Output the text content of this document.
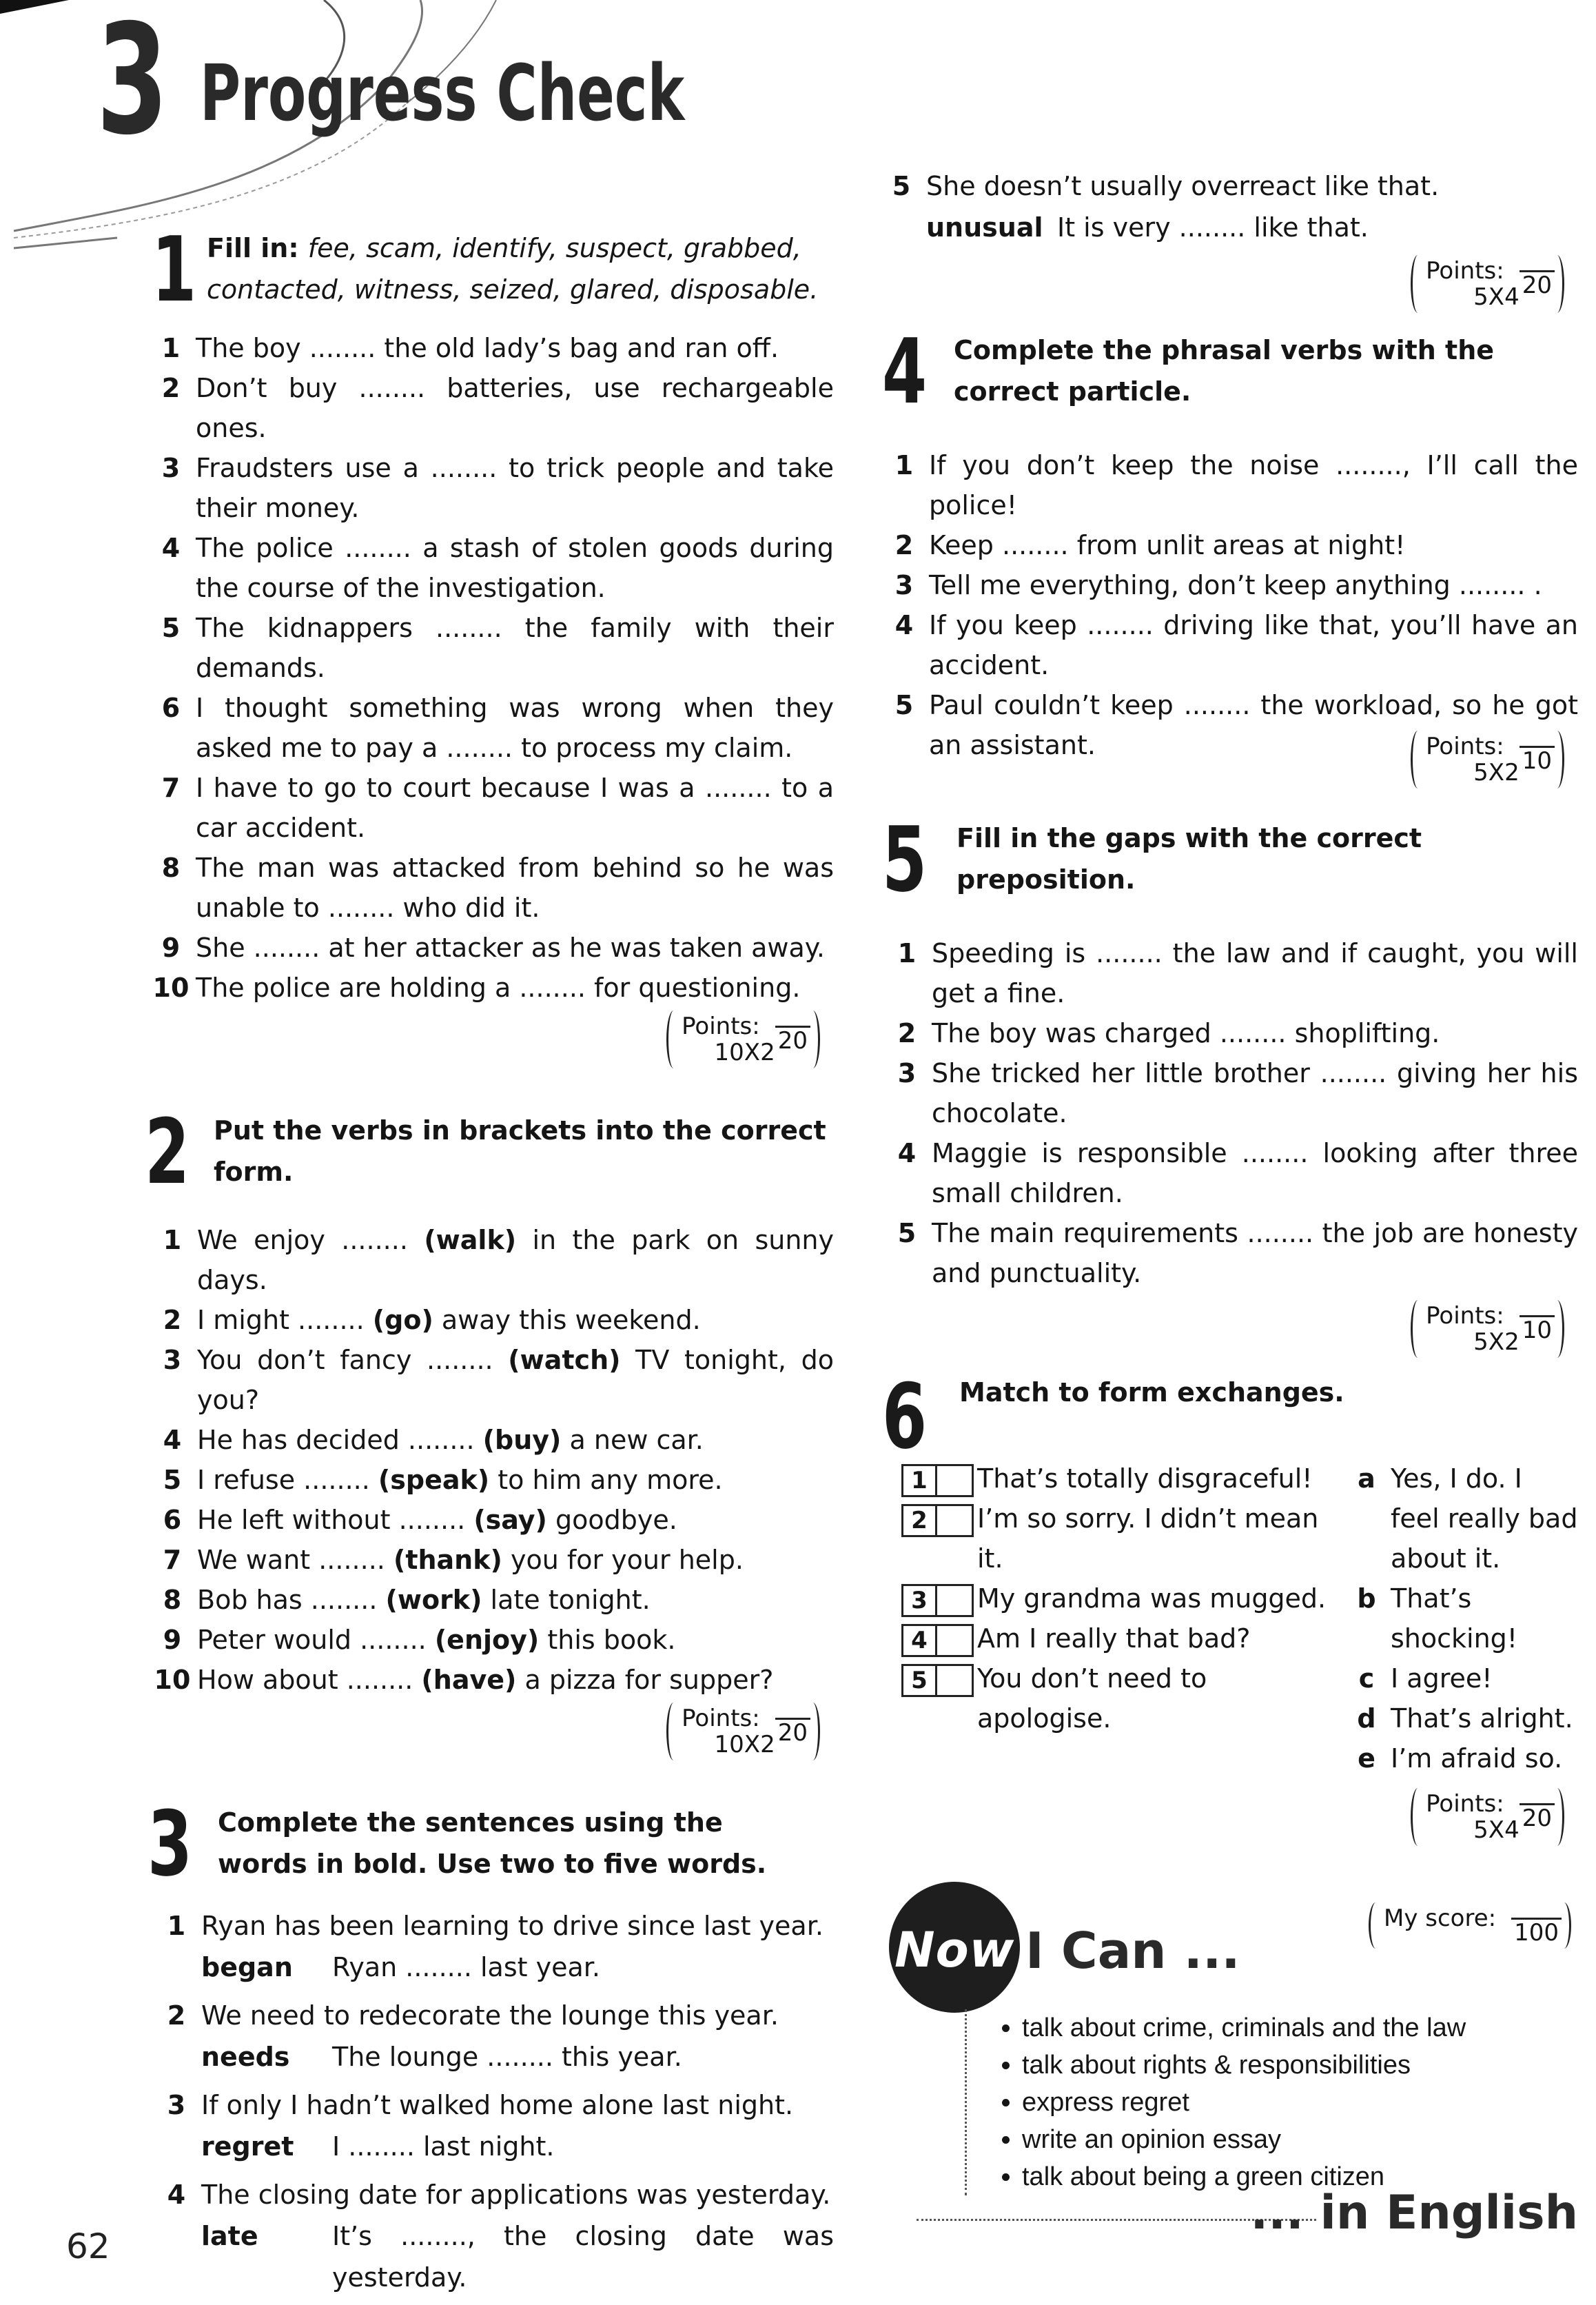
3 Progress Check
1 Fill in: fee, scam, identify, suspect, grabbed, contacted, witness, seized, glared, disposable.
1 The boy ........ the old lady’s bag and ran off.
2 Don’t buy ........ batteries, use rechargeable ones.
3 Fraudsters use a ........ to trick people and take their money.
4 The police ........ a stash of stolen goods during the course of the investigation.
5 The kidnappers ........ the family with their demands.
6 I thought something was wrong when they asked me to pay a ........ to process my claim.
7 I have to go to court because I was a ........ to a car accident.
8 The man was attacked from behind so he was unable to ........ who did it.
9 She ........ at her attacker as he was taken away.
10 The police are holding a ........ for questioning.
Points:
10X2 20
2 Put the verbs in brackets into the correct form.
1 We enjoy ........ (walk) in the park on sunny days.
2 I might ........ (go) away this weekend.
3 You don’t fancy ........ (watch) TV tonight, do you?
4 He has decided ........ (buy) a new car.
5 I refuse ........ (speak) to him any more.
6 He left without ........ (say) goodbye.
7 We want ........ (thank) you for your help.
8 Bob has ........ (work) late tonight.
9 Peter would ........ (enjoy) this book.
10 How about ........ (have) a pizza for supper?
Points:
10X2 20
3 Complete the sentences using the words in bold. Use two to five words.
1 Ryan has been learning to drive since last year.
began	Ryan ........ last year.
2 We need to redecorate the lounge this year.
needs	The lounge ........ this year.
3 If only I hadn’t walked home alone last night.
regret	I ........ last night.
4 The closing date for applications was yesterday.
late	It’s ........, the closing date was yesterday.
5 She doesn’t usually overreact like that.
unusual It is very ........ like that.
Points:
5X4 20
4 Complete the phrasal verbs with the correct particle.
1 If you don’t keep the noise ........, I’ll call the police!
2 Keep ........ from unlit areas at night!
3 Tell me everything, don’t keep anything ........ .
4 If you keep ........ driving like that, you’ll have an accident.
5 Paul couldn’t keep ........ the workload, so he got an assistant.	Points:
5X2 10
5 Fill in the gaps with the correct preposition.
1 Speeding is ........ the law and if caught, you will get a fine.
2 The boy was charged ........ shoplifting.
3 She tricked her little brother ........ giving her his chocolate.
4 Maggie is responsible ........ looking after three small children.
5 The main requirements ........ the job are honesty and punctuality.
Points:
5X2 10
6 Match to form exchanges.
1	That’s totally disgraceful!
2	I’m so sorry. I didn’t mean it.
3	My grandma was mugged.
4	Am I really that bad?
5	You don’t need to apologise.
a Yes, I do. I feel really bad about it.
b That’s shocking!
c I agree!
d That’s alright.
e I’m afraid so.
Points:
5X4 20
Now I Can ...
My score:
100
• talk about crime, criminals and the law
• talk about rights & responsibilities
• express regret
• write an opinion essay
• talk about being a green citizen
... in English
62
